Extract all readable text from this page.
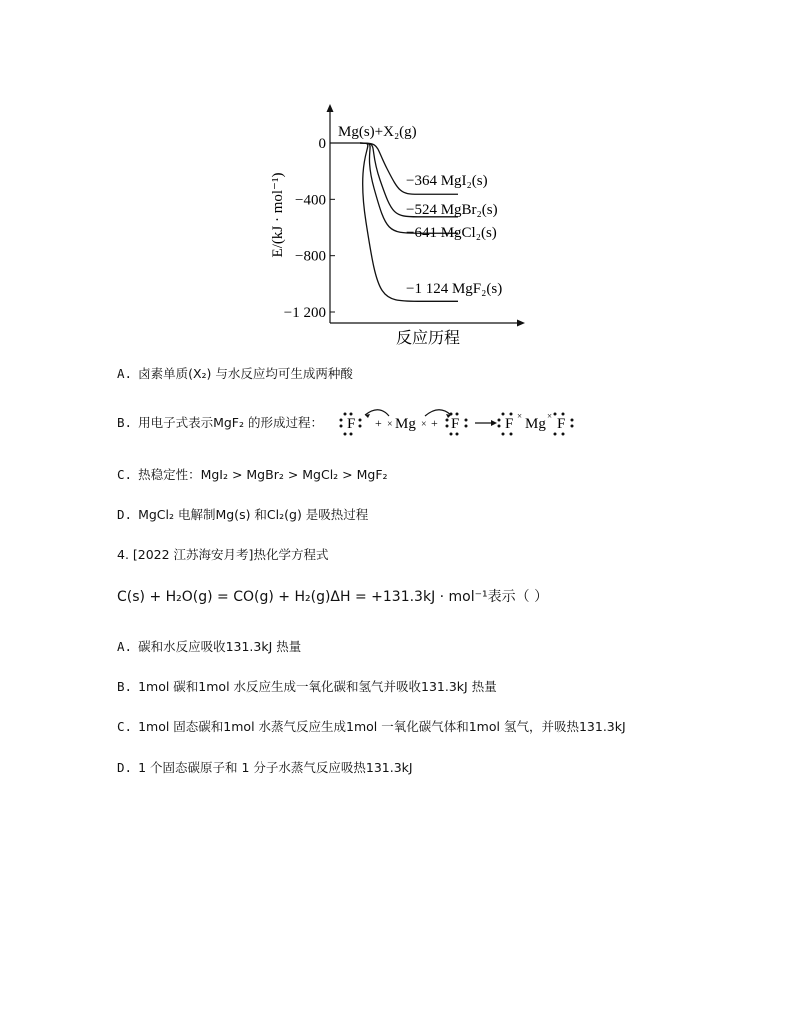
0
−400
−800
−1 200
E/(kJ · mol⁻¹)
反应历程
Mg(s)+X₂(g)
−364 MgI₂(s)
−524 MgBr₂(s)
−641 MgCl₂(s)
−1 124 MgF₂(s)
A. 卤素单质(X₂) 与水反应均可生成两种酸
B. 用电子式表示MgF₂ 的形成过程： F + × Mg × + F	F × Mg × F
C. 热稳定性：MgI₂ > MgBr₂ > MgCl₂ > MgF₂
D. MgCl₂ 电解制Mg(s) 和Cl₂(g) 是吸热过程
4. [2022 江苏海安月考]热化学方程式
C(s) + H₂O(g) = CO(g) + H₂(g)ΔH = +131.3kJ · mol⁻¹表示（ ）
A. 碳和水反应吸收131.3kJ 热量
B. 1mol 碳和1mol 水反应生成一氧化碳和氢气并吸收131.3kJ 热量
C. 1mol 固态碳和1mol 水蒸气反应生成1mol 一氧化碳气体和1mol 氢气，并吸热131.3kJ
D. 1 个固态碳原子和 1 分子水蒸气反应吸热131.3kJ
